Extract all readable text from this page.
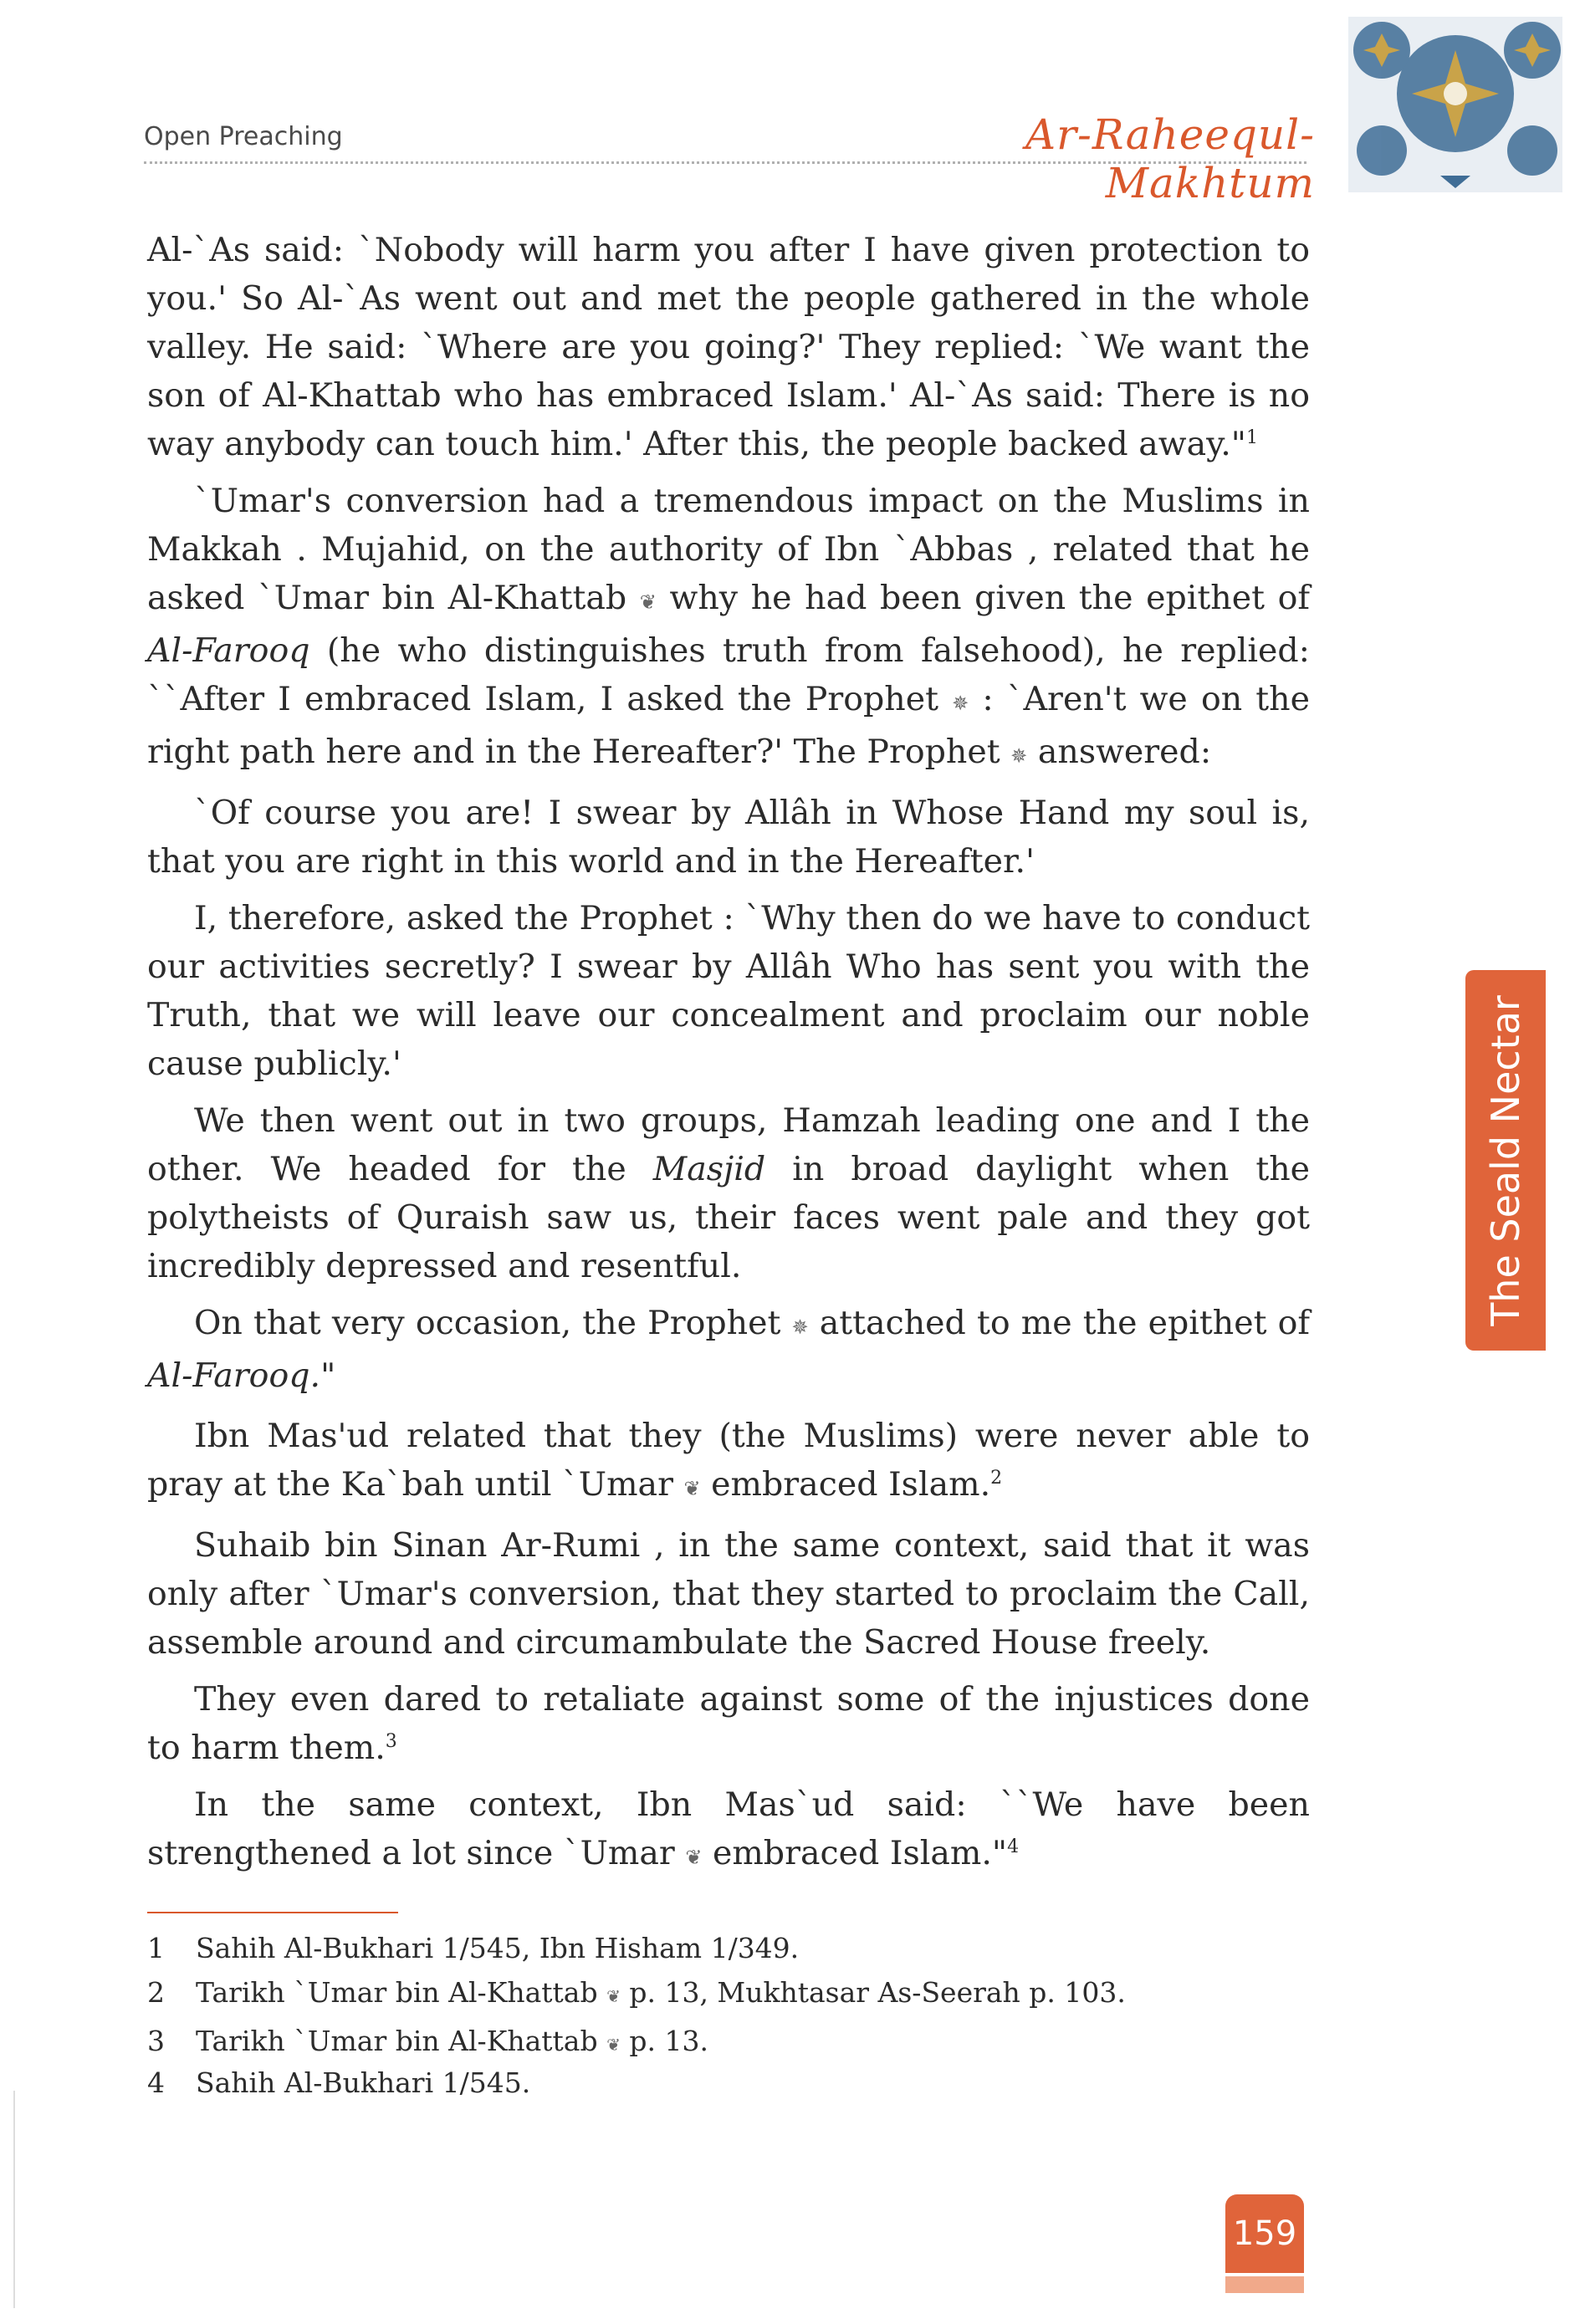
Open Preaching	Ar-Raheequl-Makhtum
The Seald Nectar

Al-`As said: `Nobody will harm you after I have given protection to you.' So Al-`As went out and met the people gathered in the whole valley. He said: `Where are you going?' They replied: `We want the son of Al-Khattab who has embraced Islam.' Al-`As said: There is no way anybody can touch him.' After this, the people backed away."$^1$

`Umar's conversion had a tremendous impact on the Muslims in Makkah . Mujahid, on the authority of Ibn `Abbas , related that he asked `Umar bin Al-Khattab ❦ why he had been given the epithet of Al-Farooq (he who distinguishes truth from falsehood), he replied: ``After I embraced Islam, I asked the Prophet ✵ : `Aren't we on the right path here and in the Hereafter?' The Prophet ✵ answered:

`Of course you are! I swear by Allâh in Whose Hand my soul is, that you are right in this world and in the Hereafter.'

I, therefore, asked the Prophet : `Why then do we have to conduct our activities secretly? I swear by Allâh Who has sent you with the Truth, that we will leave our concealment and proclaim our noble cause publicly.'

We then went out in two groups, Hamzah leading one and I the other. We headed for the Masjid in broad daylight when the polytheists of Quraish saw us, their faces went pale and they got incredibly depressed and resentful.

On that very occasion, the Prophet ✵ attached to me the epithet of Al-Farooq."

Ibn Mas'ud related that they (the Muslims) were never able to pray at the Ka`bah until `Umar ❦ embraced Islam.$^2$

Suhaib bin Sinan Ar-Rumi , in the same context, said that it was only after `Umar's conversion, that they started to proclaim the Call, assemble around and circumambulate the Sacred House freely.

They even dared to retaliate against some of the injustices done to harm them.$^3$

In the same context, Ibn Mas`ud said: ``We have been strengthened a lot since `Umar ❦ embraced Islam."$^4$

1	Sahih Al-Bukhari 1/545, Ibn Hisham 1/349.
2	Tarikh `Umar bin Al-Khattab ❦ p. 13, Mukhtasar As-Seerah p. 103.
3	Tarikh `Umar bin Al-Khattab ❦ p. 13.
4	Sahih Al-Bukhari 1/545.
159
